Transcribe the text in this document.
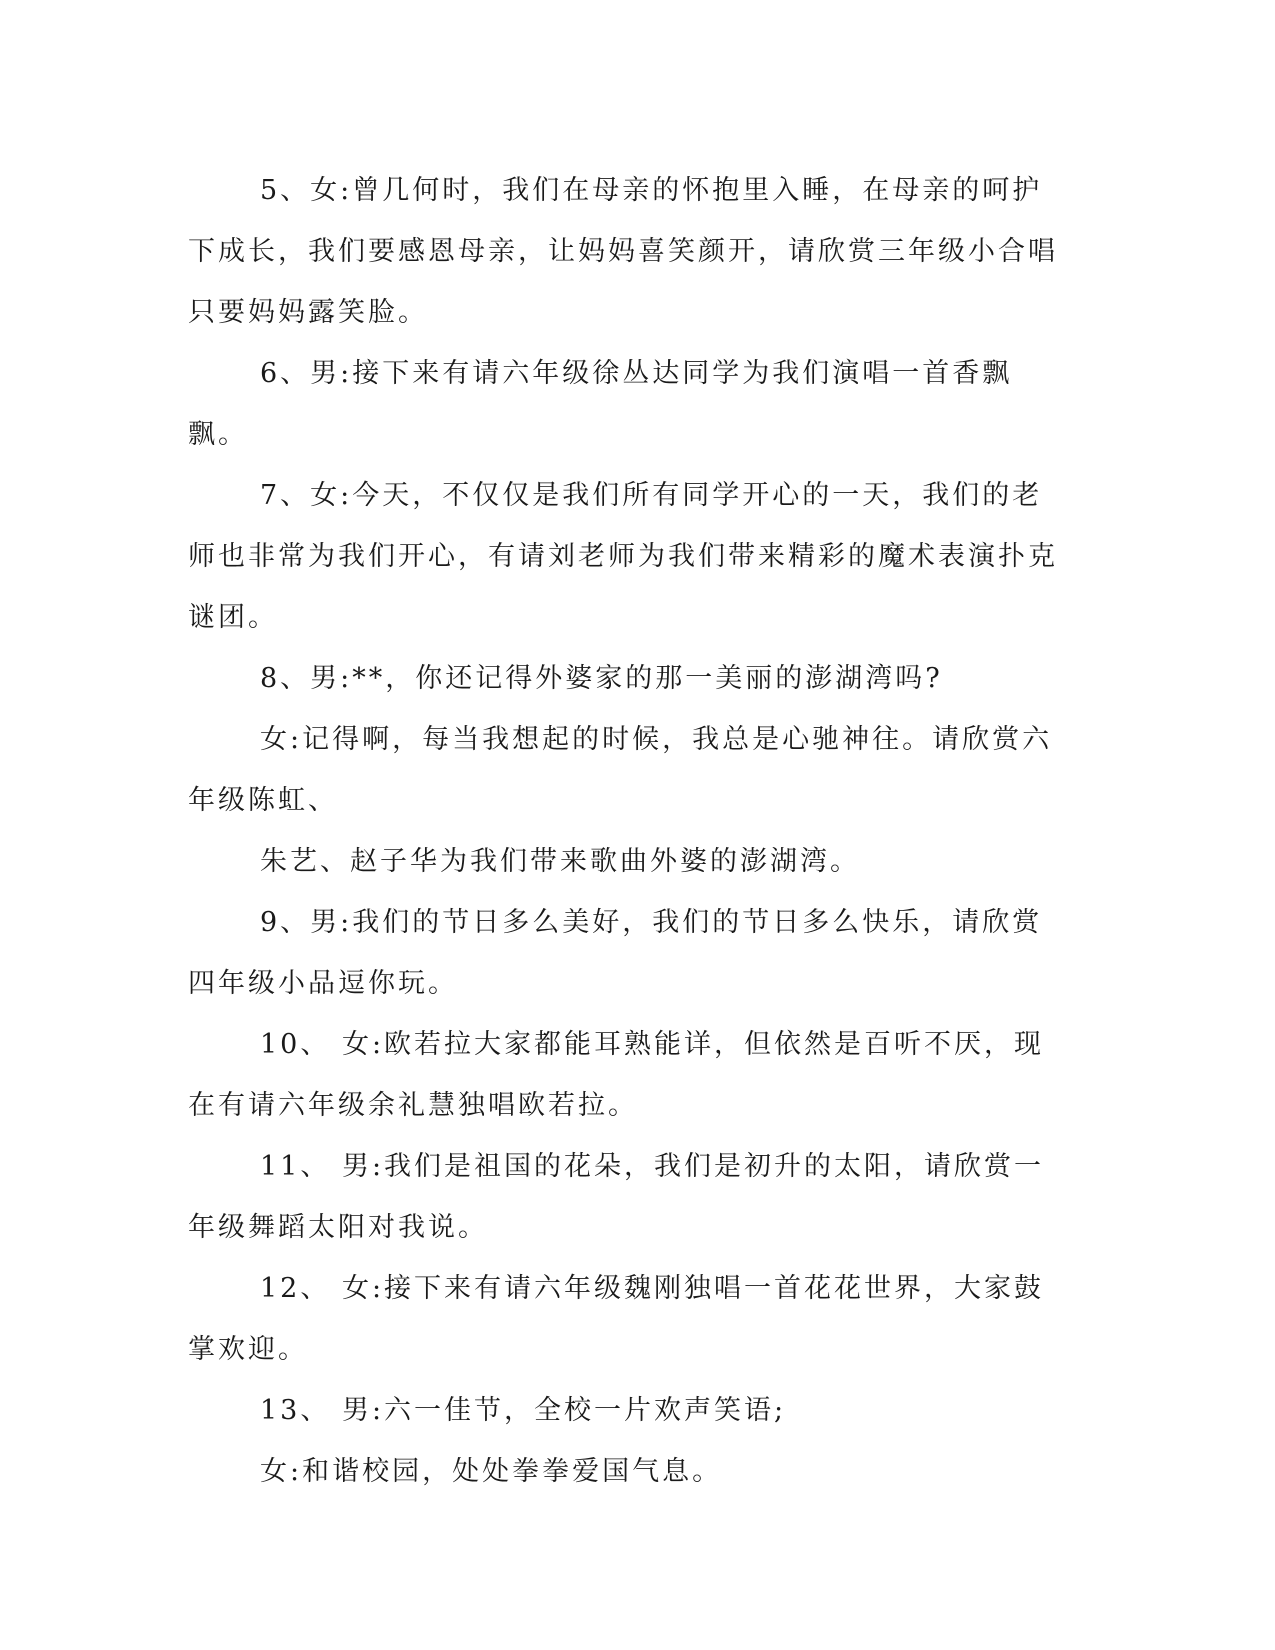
5、女:曾几何时，我们在母亲的怀抱里入睡，在母亲的呵护下成长，我们要感恩母亲，让妈妈喜笑颜开，请欣赏三年级小合唱只要妈妈露笑脸。

6、男:接下来有请六年级徐丛达同学为我们演唱一首香飘飘。

7、女:今天，不仅仅是我们所有同学开心的一天，我们的老师也非常为我们开心，有请刘老师为我们带来精彩的魔术表演扑克谜团。

8、男:**，你还记得外婆家的那一美丽的澎湖湾吗?

女:记得啊，每当我想起的时候，我总是心驰神往。请欣赏六年级陈虹、

朱艺、赵子华为我们带来歌曲外婆的澎湖湾。

9、男:我们的节日多么美好，我们的节日多么快乐，请欣赏四年级小品逗你玩。

10、 女:欧若拉大家都能耳熟能详，但依然是百听不厌，现在有请六年级余礼慧独唱欧若拉。

11、 男:我们是祖国的花朵，我们是初升的太阳，请欣赏一年级舞蹈太阳对我说。

12、 女:接下来有请六年级魏刚独唱一首花花世界，大家鼓掌欢迎。

13、 男:六一佳节，全校一片欢声笑语;

女:和谐校园，处处拳拳爱国气息。
